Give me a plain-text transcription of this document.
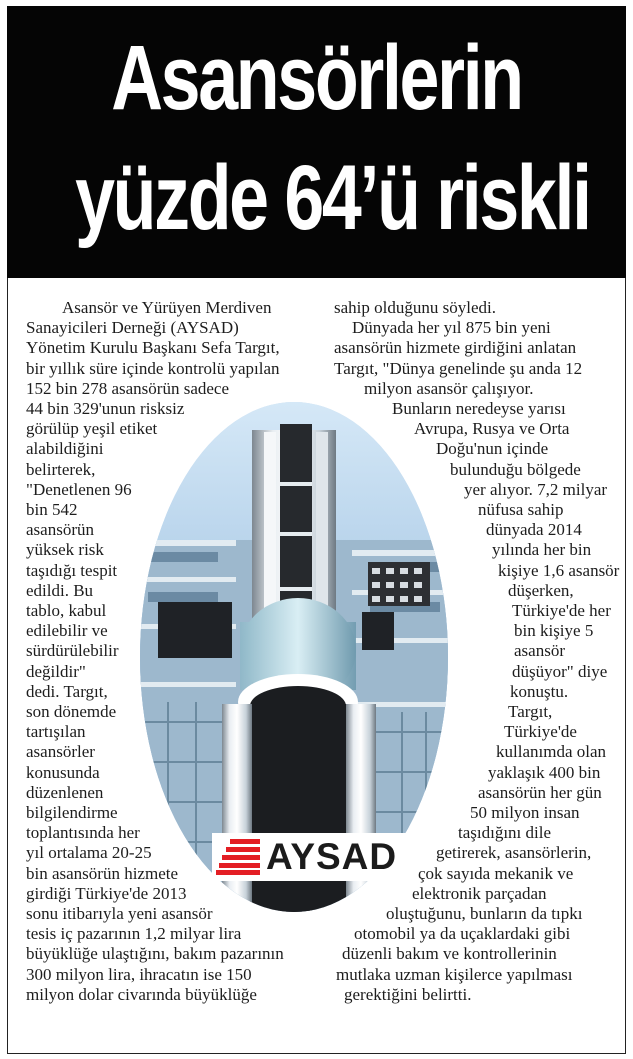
Asansörlerin
yüzde 64’ü riskli
AYSAD
Asansör ve Yürüyen Merdiven
Sanayicileri Derneği (AYSAD)
Yönetim Kurulu Başkanı Sefa Targıt,
bir yıllık süre içinde kontrolü yapılan
152 bin 278 asansörün sadece
44 bin 329'unun risksiz
görülüp yeşil etiket
alabildiğini
belirterek,
"Denetlenen 96
bin 542
asansörün
yüksek risk
taşıdığı tespit
edildi. Bu
tablo, kabul
edilebilir ve
sürdürülebilir
değildir"
dedi. Targıt,
son dönemde
tartışılan
asansörler
konusunda
düzenlenen
bilgilendirme
toplantısında her
yıl ortalama 20-25
bin asansörün hizmete
girdiği Türkiye'de 2013
sonu itibarıyla yeni asansör
tesis iç pazarının 1,2 milyar lira
büyüklüğe ulaştığını, bakım pazarının
300 milyon lira, ihracatın ise 150
milyon dolar civarında büyüklüğe
sahip olduğunu söyledi.
Dünyada her yıl 875 bin yeni
asansörün hizmete girdiğini anlatan
Targıt, "Dünya genelinde şu anda 12
milyon asansör çalışıyor.
Bunların neredeyse yarısı
Avrupa, Rusya ve Orta
Doğu'nun içinde
bulunduğu bölgede
yer alıyor. 7,2 milyar
nüfusa sahip
dünyada 2014
yılında her bin
kişiye 1,6 asansör
düşerken,
Türkiye'de her
bin kişiye 5
asansör
düşüyor" diye
konuştu.
Targıt,
Türkiye'de
kullanımda olan
yaklaşık 400 bin
asansörün her gün
50 milyon insan
taşıdığını dile
getirerek, asansörlerin,
çok sayıda mekanik ve
elektronik parçadan
oluştuğunu, bunların da tıpkı
otomobil ya da uçaklardaki gibi
düzenli bakım ve kontrollerinin
mutlaka uzman kişilerce yapılması
gerektiğini belirtti.
